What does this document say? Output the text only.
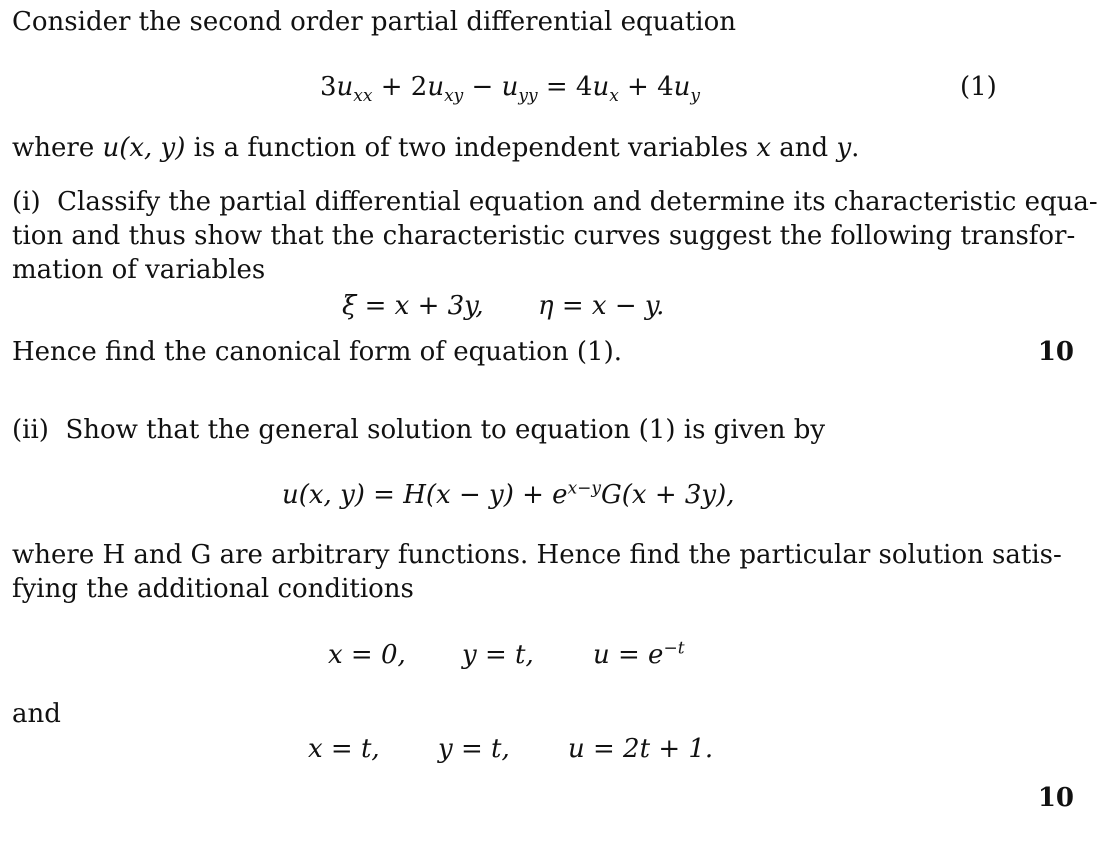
Consider the second order partial differential equation
$3u_{xx} + 2u_{xy} - u_{yy} = 4u_x + 4u_y$	(1)
where u(x, y) is a function of two independent variables x and y.
(i) Classify the partial differential equation and determine its characteristic equa-
tion and thus show that the characteristic curves suggest the following transfor-
mation of variables
ξ = x + 3y, η = x − y.
Hence find the canonical form of equation (1).	10
(ii) Show that the general solution to equation (1) is given by
u(x, $y) = H(x - y) + e^{x-y}G(x + 3y)$,
where H and G are arbitrary functions. Hence find the particular solution satis-
fying the additional conditions
x = 0, y = t, $u = e^{-t}$
and
x = t, y = t, u = 2t + 1.
10
